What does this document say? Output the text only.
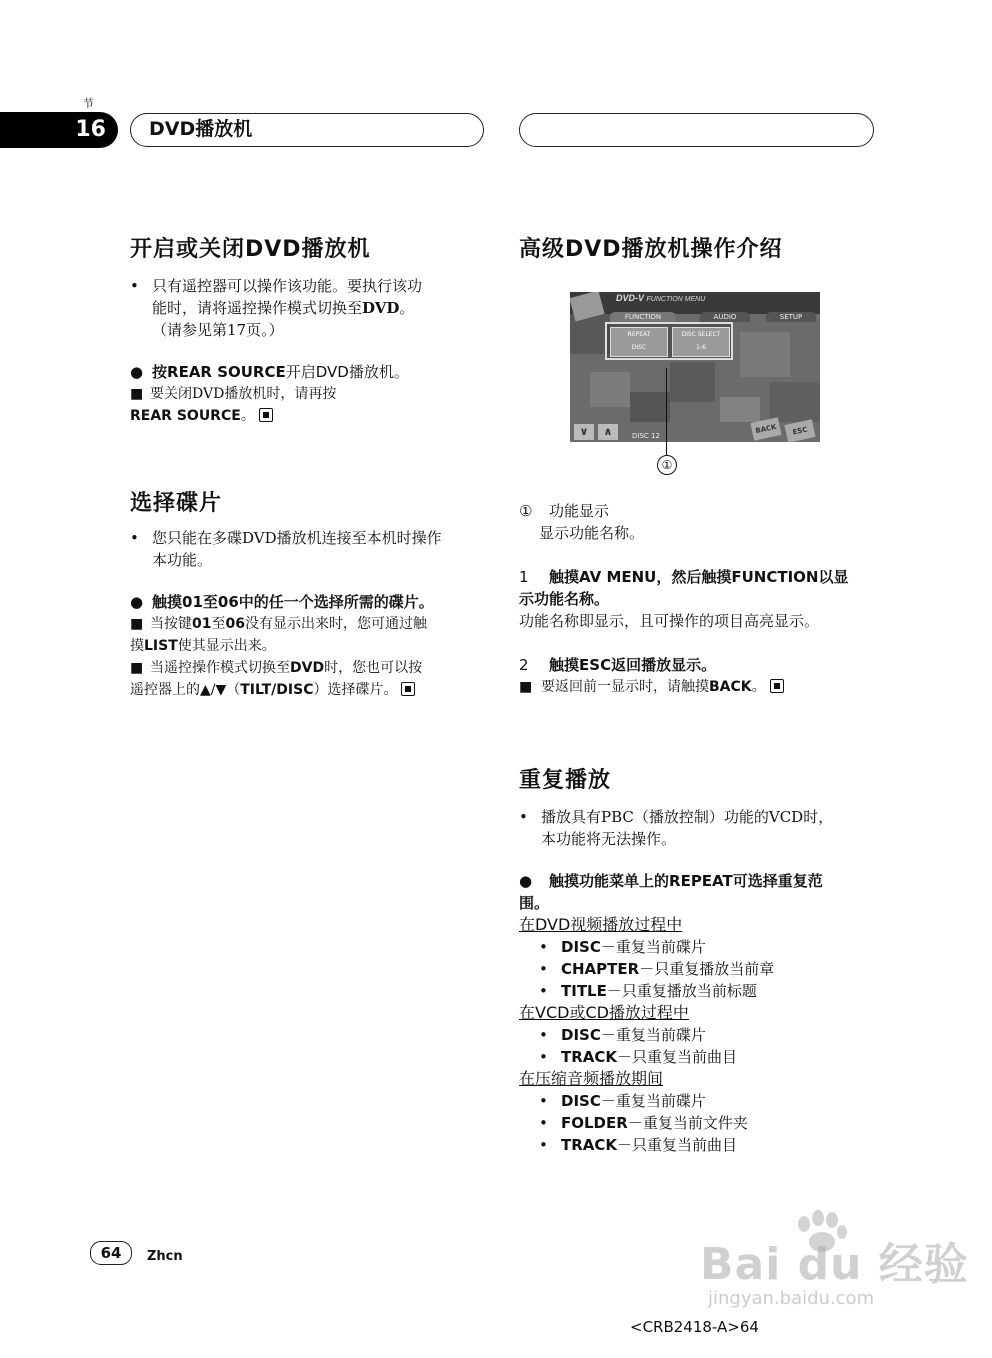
节
16	DVD播放机
开启或关闭DVD播放机
• 只有遥控器可以操作该功能。要执行该功
能时，请将遥控操作模式切换至DVD。
（请参见第17页。）
● 按REAR SOURCE开启DVD播放机。
■ 要关闭DVD播放机时，请再按
REAR SOURCE。
选择碟片
• 您只能在多碟DVD播放机连接至本机时操作
本功能。
● 触摸01至06中的任一个选择所需的碟片。
■ 当按键01至06没有显示出来时，您可通过触
摸LIST使其显示出来。
■ 当遥控操作模式切换至DVD时，您也可以按
遥控器上的▲/▼（TILT/DISC）选择碟片。
高级DVD播放机操作介绍
DVD-V FUNCTION MENU
FUNCTION	AUDIO	SETUP
REPEAT
DISC
DISC SELECT
1-6
∨	∧	DISC 12
BACK	ESC
①
① 功能显示
显示功能名称。
1 触摸AV MENU，然后触摸FUNCTION以显
示功能名称。
功能名称即显示，且可操作的项目高亮显示。
2 触摸ESC返回播放显示。
■ 要返回前一显示时，请触摸BACK。
重复播放
• 播放具有PBC（播放控制）功能的VCD时，
本功能将无法操作。
● 触摸功能菜单上的REPEAT可选择重复范
围。
在DVD视频播放过程中
• DISC－重复当前碟片
• CHAPTER－只重复播放当前章
• TITLE－只重复播放当前标题
在VCD或CD播放过程中
• DISC－重复当前碟片
• TRACK－只重复当前曲目
在压缩音频播放期间
• DISC－重复当前碟片
• FOLDER－重复当前文件夹
• TRACK－只重复当前曲目
64	Zhcn	Bai du 经验
jingyan.baidu.com
<CRB2418-A>64
